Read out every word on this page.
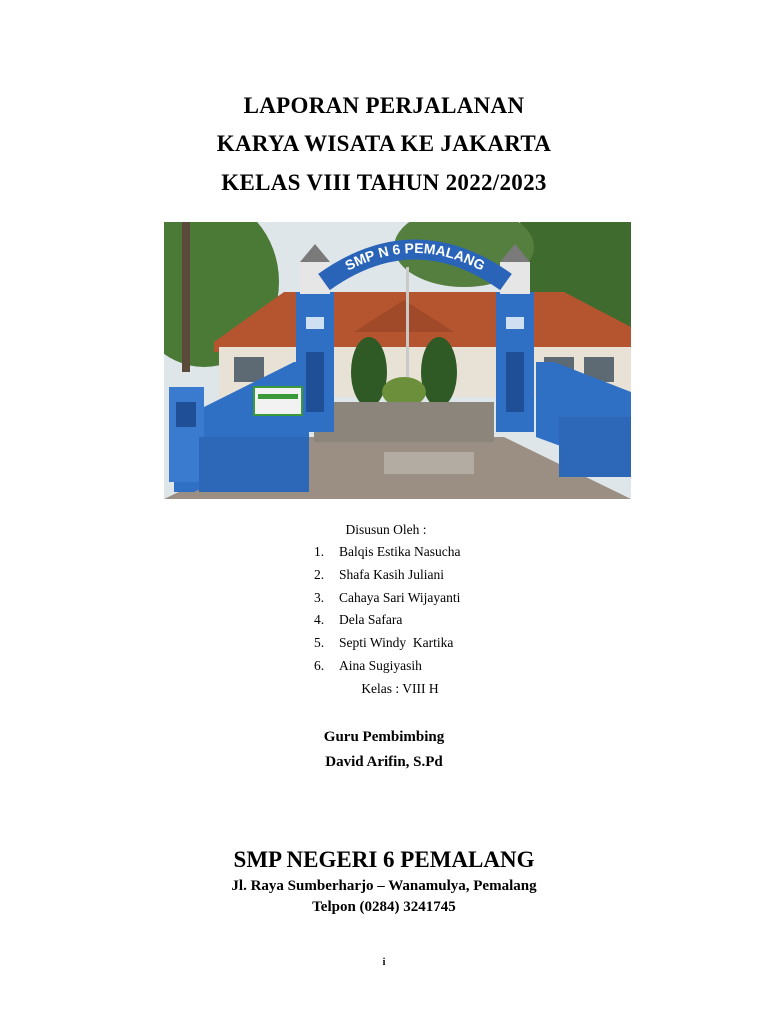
LAPORAN PERJALANAN
KARYA WISATA KE JAKARTA
KELAS VIII TAHUN 2022/2023
SMP N 6 PEMALANG
Disusun Oleh :
1. Balqis Estika Nasucha
2. Shafa Kasih Juliani
3. Cahaya Sari Wijayanti
4. Dela Safara
5. Septi Windy  Kartika
6. Aina Sugiyasih
Kelas : VIII H
Guru Pembimbing
David Arifin, S.Pd
SMP NEGERI 6 PEMALANG
Jl. Raya Sumberharjo – Wanamulya, Pemalang
Telpon (0284) 3241745
i
